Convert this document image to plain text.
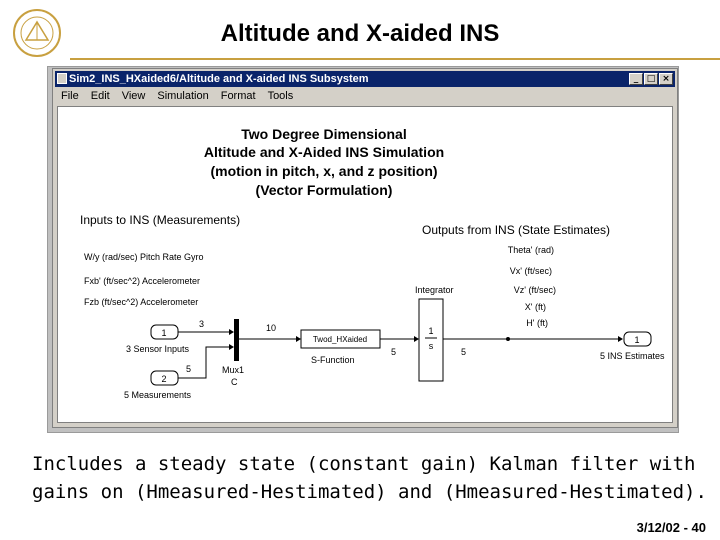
Altitude and X-aided INS
Sim2_INS_HXaided6/Altitude and X-aided INS Subsystem	_ □ ×
File	Edit	View	Simulation	Format	Tools
Two Degree Dimensional
Altitude and X-Aided INS Simulation
(motion in pitch, x, and z position)
(Vector Formulation)
Inputs to INS (Measurements)
Outputs from INS (State Estimates)
W/y (rad/sec) Pitch Rate Gyro
Fxb' (ft/sec^2) Accelerometer
Fzb (ft/sec^2) Accelerometer
Theta' (rad)
Vx' (ft/sec)
Vz' (ft/sec)
X' (ft)
H' (ft)
1
3 Sensor Inputs
2
5 Measurements
3
5	Mux1
C
10
Twod_HXaided
S-Function
5
Integrator
1
s
5
1
5 INS Estimates
Includes a steady state (constant gain) Kalman filter with gains on (Hmeasured-Hestimated) and (Hmeasured-Hestimated).
3/12/02 - 40
